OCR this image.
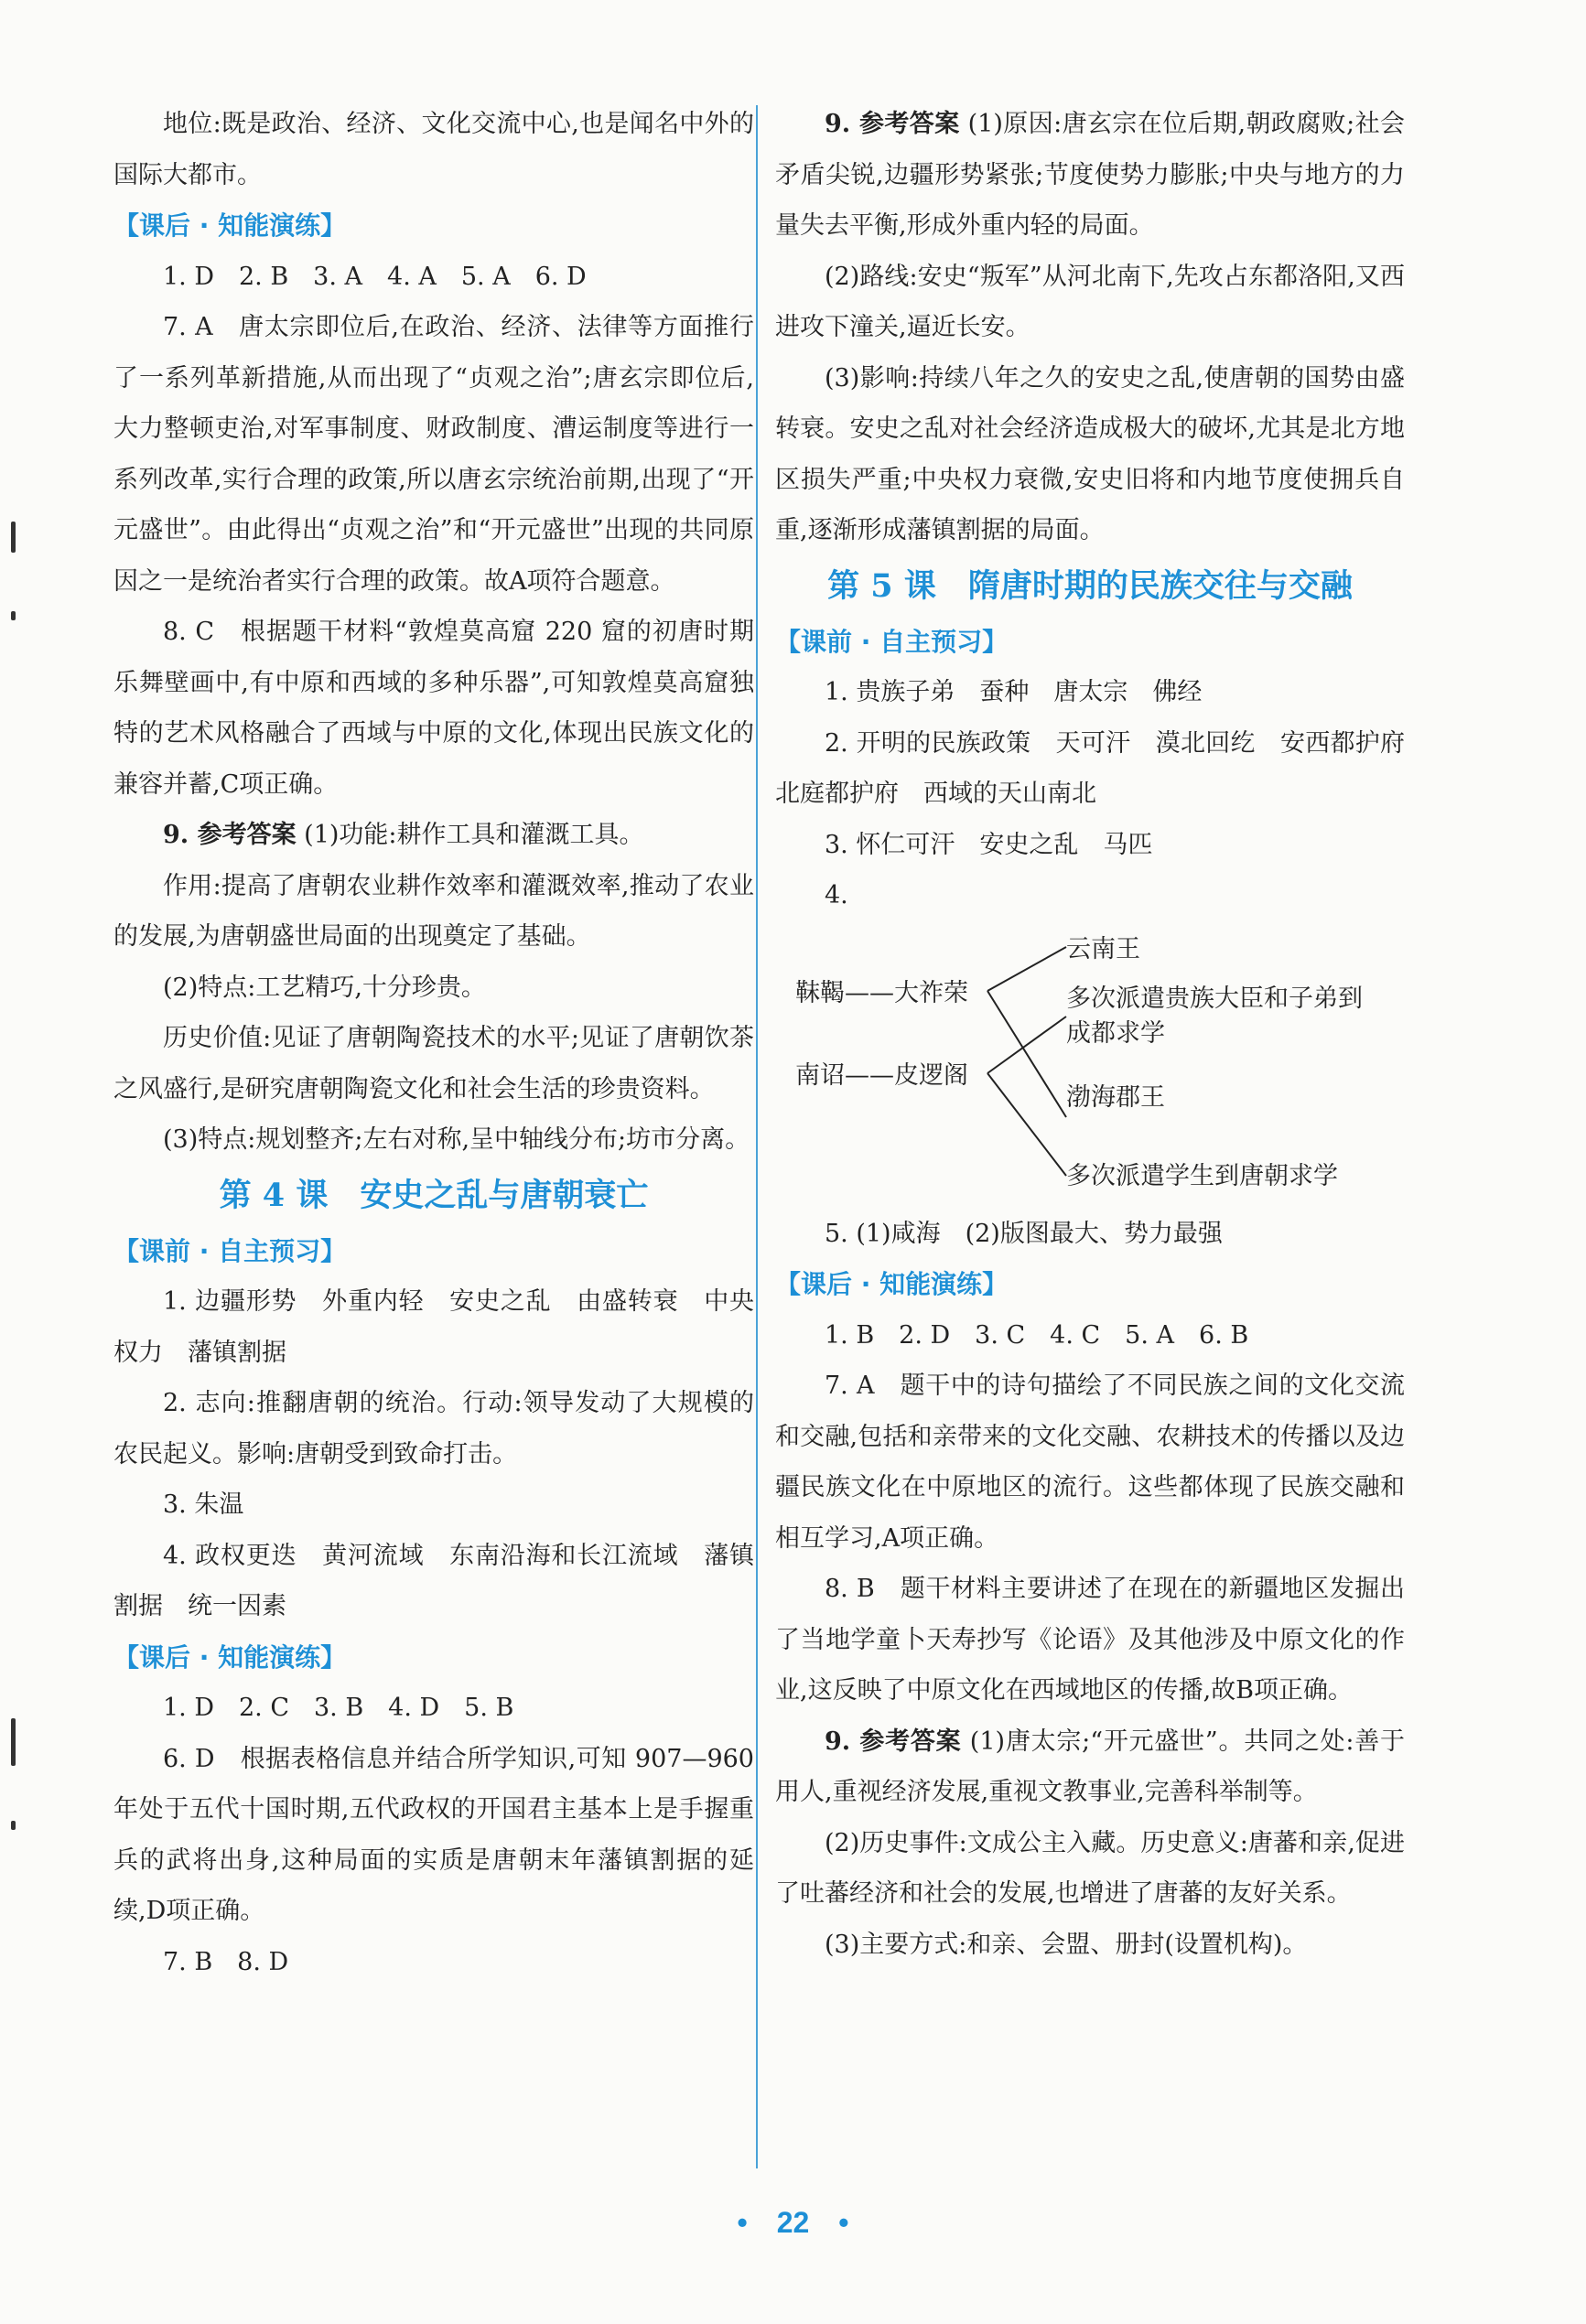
地位:既是政治、经济、文化交流中心,也是闻名中外的国际大都市。

【课后 · 知能演练】

1. D　2. B　3. A　4. A　5. A　6. D

7. A　唐太宗即位后,在政治、经济、法律等方面推行了一系列革新措施,从而出现了“贞观之治”;唐玄宗即位后,大力整顿吏治,对军事制度、财政制度、漕运制度等进行一系列改革,实行合理的政策,所以唐玄宗统治前期,出现了“开元盛世”。由此得出“贞观之治”和“开元盛世”出现的共同原因之一是统治者实行合理的政策。故A项符合题意。

8. C　根据题干材料“敦煌莫高窟 220 窟的初唐时期乐舞壁画中,有中原和西域的多种乐器”,可知敦煌莫高窟独特的艺术风格融合了西域与中原的文化,体现出民族文化的兼容并蓄,C项正确。

9. 参考答案 (1)功能:耕作工具和灌溉工具。

作用:提高了唐朝农业耕作效率和灌溉效率,推动了农业的发展,为唐朝盛世局面的出现奠定了基础。

(2)特点:工艺精巧,十分珍贵。

历史价值:见证了唐朝陶瓷技术的水平;见证了唐朝饮茶之风盛行,是研究唐朝陶瓷文化和社会生活的珍贵资料。

(3)特点:规划整齐;左右对称,呈中轴线分布;坊市分离。

第 4 课　安史之乱与唐朝衰亡

【课前 · 自主预习】

1. 边疆形势　外重内轻　安史之乱　由盛转衰　中央权力　藩镇割据

2. 志向:推翻唐朝的统治。行动:领导发动了大规模的农民起义。影响:唐朝受到致命打击。

3. 朱温

4. 政权更迭　黄河流域　东南沿海和长江流域　藩镇割据　统一因素

【课后 · 知能演练】

1. D　2. C　3. B　4. D　5. B

6. D　根据表格信息并结合所学知识,可知 907—960 年处于五代十国时期,五代政权的开国君主基本上是手握重兵的武将出身,这种局面的实质是唐朝末年藩镇割据的延续,D项正确。

7. B　8. D

9. 参考答案 (1)原因:唐玄宗在位后期,朝政腐败;社会矛盾尖锐,边疆形势紧张;节度使势力膨胀;中央与地方的力量失去平衡,形成外重内轻的局面。

(2)路线:安史“叛军”从河北南下,先攻占东都洛阳,又西进攻下潼关,逼近长安。

(3)影响:持续八年之久的安史之乱,使唐朝的国势由盛转衰。安史之乱对社会经济造成极大的破坏,尤其是北方地区损失严重;中央权力衰微,安史旧将和内地节度使拥兵自重,逐渐形成藩镇割据的局面。

第 5 课　隋唐时期的民族交往与交融

【课前 · 自主预习】

1. 贵族子弟　蚕种　唐太宗　佛经

2. 开明的民族政策　天可汗　漠北回纥　安西都护府　北庭都护府　西域的天山南北

3. 怀仁可汗　安史之乱　马匹

4.

靺鞨——大祚荣
南诏——皮逻阁
云南王
多次派遣贵族大臣和子弟到
成都求学
渤海郡王
多次派遣学生到唐朝求学

5. (1)咸海　(2)版图最大、势力最强

【课后 · 知能演练】

1. B　2. D　3. C　4. C　5. A　6. B

7. A　题干中的诗句描绘了不同民族之间的文化交流和交融,包括和亲带来的文化交融、农耕技术的传播以及边疆民族文化在中原地区的流行。这些都体现了民族交融和相互学习,A项正确。

8. B　题干材料主要讲述了在现在的新疆地区发掘出了当地学童卜天寿抄写《论语》及其他涉及中原文化的作业,这反映了中原文化在西域地区的传播,故B项正确。

9. 参考答案 (1)唐太宗;“开元盛世”。共同之处:善于用人,重视经济发展,重视文教事业,完善科举制等。

(2)历史事件:文成公主入藏。历史意义:唐蕃和亲,促进了吐蕃经济和社会的发展,也增进了唐蕃的友好关系。

(3)主要方式:和亲、会盟、册封(设置机构)。

•　22　•
